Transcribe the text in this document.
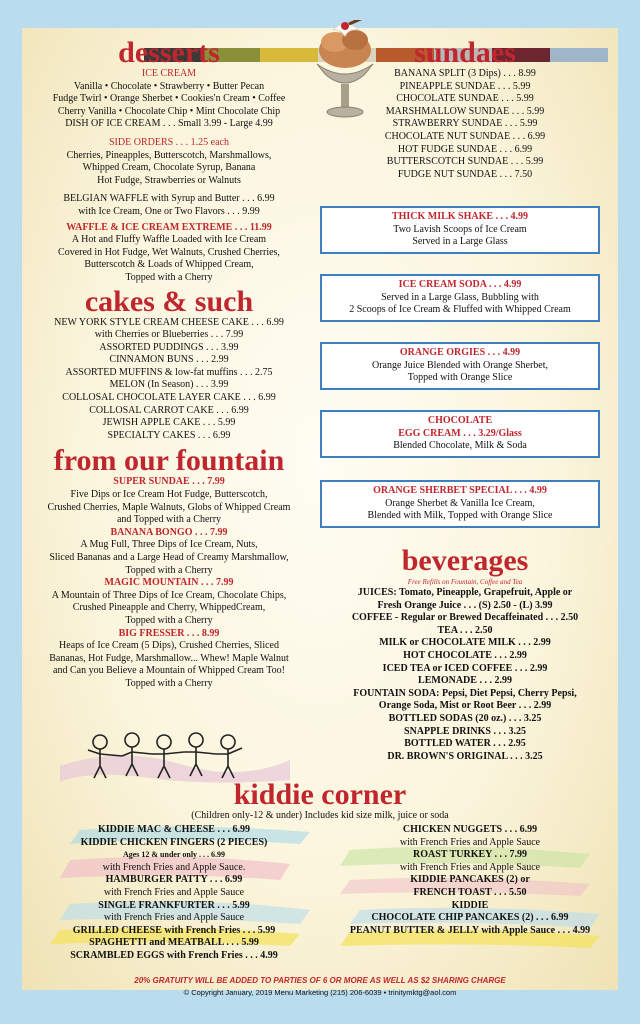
desserts

ICE CREAM

Vanilla • Chocolate • Strawberry • Butter Pecan

Fudge Twirl • Orange Sherbet • Cookies'n Cream • Coffee

Cherry Vanilla • Chocolate Chip • Mint Chocolate Chip

DISH OF ICE CREAM . . . Small 3.99 - Large 4.99

SIDE ORDERS . . . 1.25 each

Cherries, Pineapples, Butterscotch, Marshmallows,

Whipped Cream, Chocolate Syrup, Banana

Hot Fudge, Strawberries or Walnuts

BELGIAN WAFFLE with Syrup and Butter . . . 6.99

with Ice Cream, One or Two Flavors . . . 9.99

WAFFLE & ICE CREAM EXTREME . . . 11.99

A Hot and Fluffy Waffle Loaded with Ice Cream

Covered in Hot Fudge, Wet Walnuts, Crushed Cherries,

Butterscotch & Loads of Whipped Cream,

Topped with a Cherry

cakes & such

NEW YORK STYLE CREAM CHEESE CAKE . . . 6.99

with Cherries or Blueberries . . . 7.99

ASSORTED PUDDINGS . . . 3.99

CINNAMON BUNS . . . 2.99

ASSORTED MUFFINS & low-fat muffins . . . 2.75

MELON (In Season) . . . 3.99

COLLOSAL CHOCOLATE LAYER CAKE . . . 6.99

COLLOSAL CARROT CAKE . . . 6.99

JEWISH APPLE CAKE . . . 5.99

SPECIALTY CAKES . . . 6.99

from our fountain

SUPER SUNDAE . . . 7.99

Five Dips or Ice Cream Hot Fudge, Butterscotch,

Crushed Cherries, Maple Walnuts, Globs of Whipped Cream

and Topped with a Cherry

BANANA BONGO . . . 7.99

A Mug Full, Three Dips of Ice Cream, Nuts,

Sliced Bananas and a Large Head of Creamy Marshmallow,

Topped with a Cherry

MAGIC MOUNTAIN . . . 7.99

A Mountain of Three Dips of Ice Cream, Chocolate Chips,

Crushed Pineapple and Cherry, WhippedCream,

Topped with a Cherry

BIG FRESSER . . . 8.99

Heaps of Ice Cream (5 Dips), Crushed Cherries, Sliced

Bananas, Hot Fudge, Marshmallow... Whew! Maple Walnut

and Can you Believe a Mountain of Whipped Cream Too!

Topped with a Cherry

sundaes

BANANA SPLIT (3 Dips) . . . 8.99

PINEAPPLE SUNDAE . . . 5.99

CHOCOLATE SUNDAE . . . 5.99

MARSHMALLOW SUNDAE . . . 5.99

STRAWBERRY SUNDAE . . . 5.99

CHOCOLATE NUT SUNDAE . . . 6.99

HOT FUDGE SUNDAE . . . 6.99

BUTTERSCOTCH SUNDAE . . . 5.99

FUDGE NUT SUNDAE . . . 7.50

THICK MILK SHAKE . . . 4.99

Two Lavish Scoops of Ice Cream

Served in a Large Glass

ICE CREAM SODA . . . 4.99

Served in a Large Glass, Bubbling with

2 Scoops of Ice Cream & Fluffed with Whipped Cream

ORANGE ORGIES . . . 4.99

Orange Juice Blended with Orange Sherbet,

Topped with Orange Slice

CHOCOLATE

EGG CREAM . . . 3.29/Glass

Blended Chocolate, Milk & Soda

ORANGE SHERBET SPECIAL . . . 4.99

Orange Sherbet & Vanilla Ice Cream,

Blended with Milk, Topped with Orange Slice

beverages

Free Refills on Fountain, Coffee and Tea

JUICES: Tomato, Pineapple, Grapefruit, Apple or

Fresh Orange Juice . . . (S) 2.50 - (L) 3.99

COFFEE - Regular or Brewed Decaffeinated . . . 2.50

TEA . . . 2.50

MILK or CHOCOLATE MILK . . . 2.99

HOT CHOCOLATE . . . 2.99

ICED TEA or ICED COFFEE . . . 2.99

LEMONADE . . . 2.99

FOUNTAIN SODA: Pepsi, Diet Pepsi, Cherry Pepsi,

Orange Soda, Mist or Root Beer . . . 2.99

BOTTLED SODAS (20 oz.) . . . 3.25

SNAPPLE DRINKS . . . 3.25

BOTTLED WATER . . . 2.95

DR. BROWN'S ORIGINAL . . . 3.25

kiddie corner

(Children only-12 & under) Includes kid size milk, juice or soda

KIDDIE MAC & CHEESE . . . 6.99

KIDDIE CHICKEN FINGERS (2 PIECES)

Ages 12 & under only . . . 6.99

with French Fries and Apple Sauce.

HAMBURGER PATTY . . . 6.99

with French Fries and Apple Sauce

SINGLE FRANKFURTER . . . 5.99

with French Fries and Apple Sauce

GRILLED CHEESE with French Fries . . . 5.99

SPAGHETTI and MEATBALL . . . 5.99

SCRAMBLED EGGS with French Fries . . . 4.99

CHICKEN NUGGETS . . . 6.99

with French Fries and Apple Sauce

ROAST TURKEY . . . 7.99

with French Fries and Apple Sauce

KIDDIE PANCAKES (2) or

FRENCH TOAST . . . 5.50

KIDDIE

CHOCOLATE CHIP PANCAKES (2) . . . 6.99

PEANUT BUTTER & JELLY with Apple Sauce . . . 4.99

20% GRATUITY WILL BE ADDED TO PARTIES OF 6 OR MORE AS WELL AS $2 SHARING CHARGE

© Copyright January, 2019 Menu Marketing (215) 206-6039 • trinitymktg@aol.com
